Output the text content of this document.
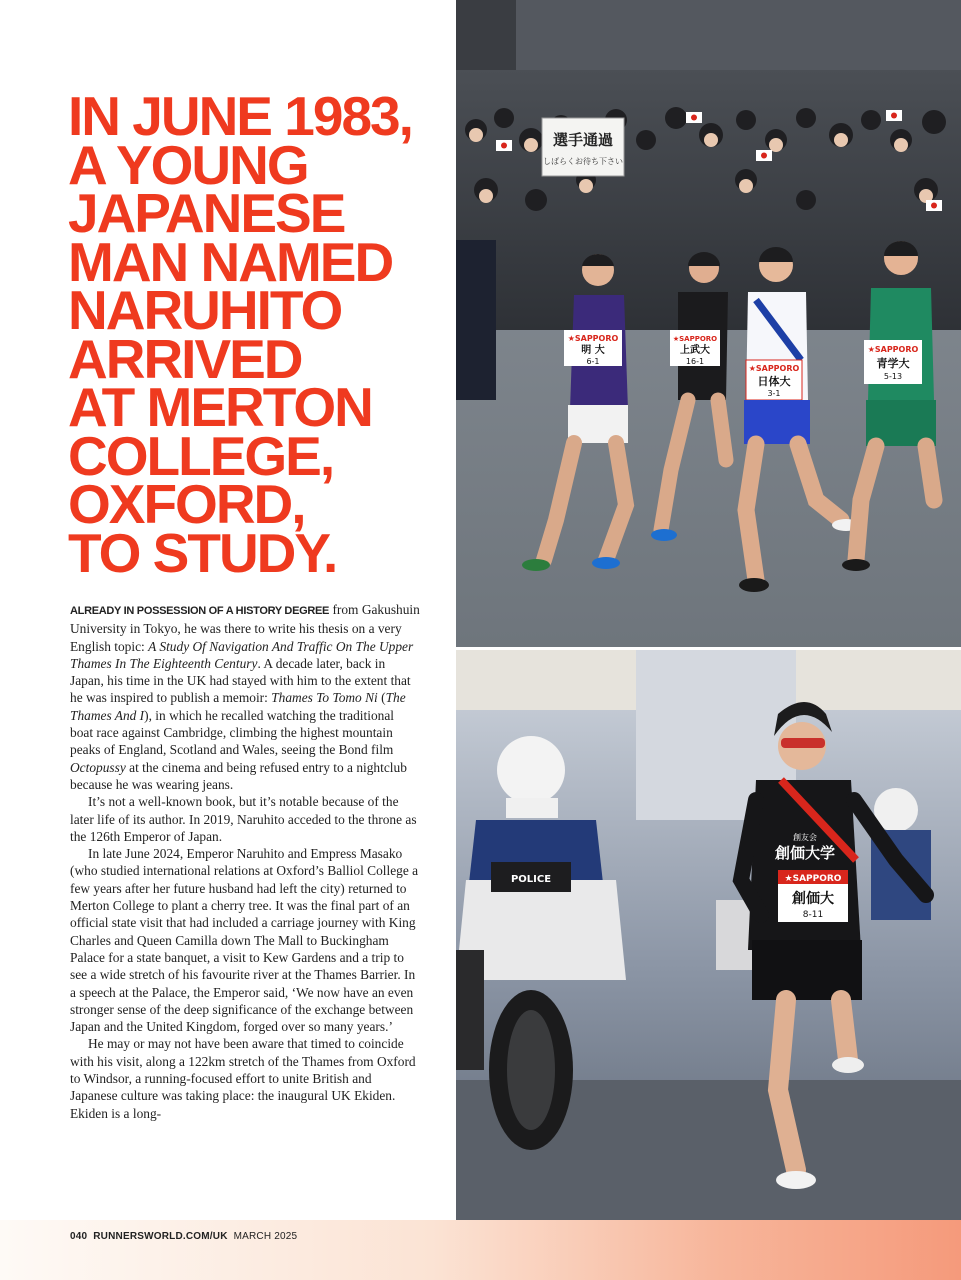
IN JUNE 1983,
A YOUNG
JAPANESE
MAN NAMED
NARUHITO
ARRIVED
AT MERTON
COLLEGE,
OXFORD,
TO STUDY.

ALREADY IN POSSESSION OF A HISTORY DEGREE from Gakushuin University in Tokyo, he was there to write his thesis on a very English topic: A Study Of Navigation And Traffic On The Upper Thames In The Eighteenth Century. A decade later, back in Japan, his time in the UK had stayed with him to the extent that he was inspired to publish a memoir: Thames To Tomo Ni (The Thames And I), in which he recalled watching the traditional boat race against Cambridge, climbing the highest mountain peaks of England, Scotland and Wales, seeing the Bond film Octopussy at the cinema and being refused entry to a nightclub because he was wearing jeans.

It’s not a well-known book, but it’s notable because of the later life of its author. In 2019, Naruhito acceded to the throne as the 126th Emperor of Japan.

In late June 2024, Emperor Naruhito and Empress Masako (who studied international relations at Oxford’s Balliol College a few years after her future husband had left the city) returned to Merton College to plant a cherry tree. It was the final part of an official state visit that had included a carriage journey with King Charles and Queen Camilla down The Mall to Buckingham Palace for a state banquet, a visit to Kew Gardens and a trip to see a wide stretch of his favourite river at the Thames Barrier. In a speech at the Palace, the Emperor said, ‘We now have an even stronger sense of the deep significance of the exchange between Japan and the United Kingdom, forged over so many years.’

He may or may not have been aware that timed to coincide with his visit, along a 122km stretch of the Thames from Oxford to Windsor, a running-focused effort to unite British and Japanese culture was taking place: the inaugural UK Ekiden. Ekiden is a long-

選手通過
しばらくお待ち下さい
★SAPPORO
明 大
6-1
★SAPPORO
上武大
16-1
★SAPPORO
日体大
3-1
★SAPPORO
青学大
5-13
POLICE
創友会
創価大学
★SAPPORO
創価大
8-11
040 RUNNERSWORLD.COM/UK MARCH 2025
